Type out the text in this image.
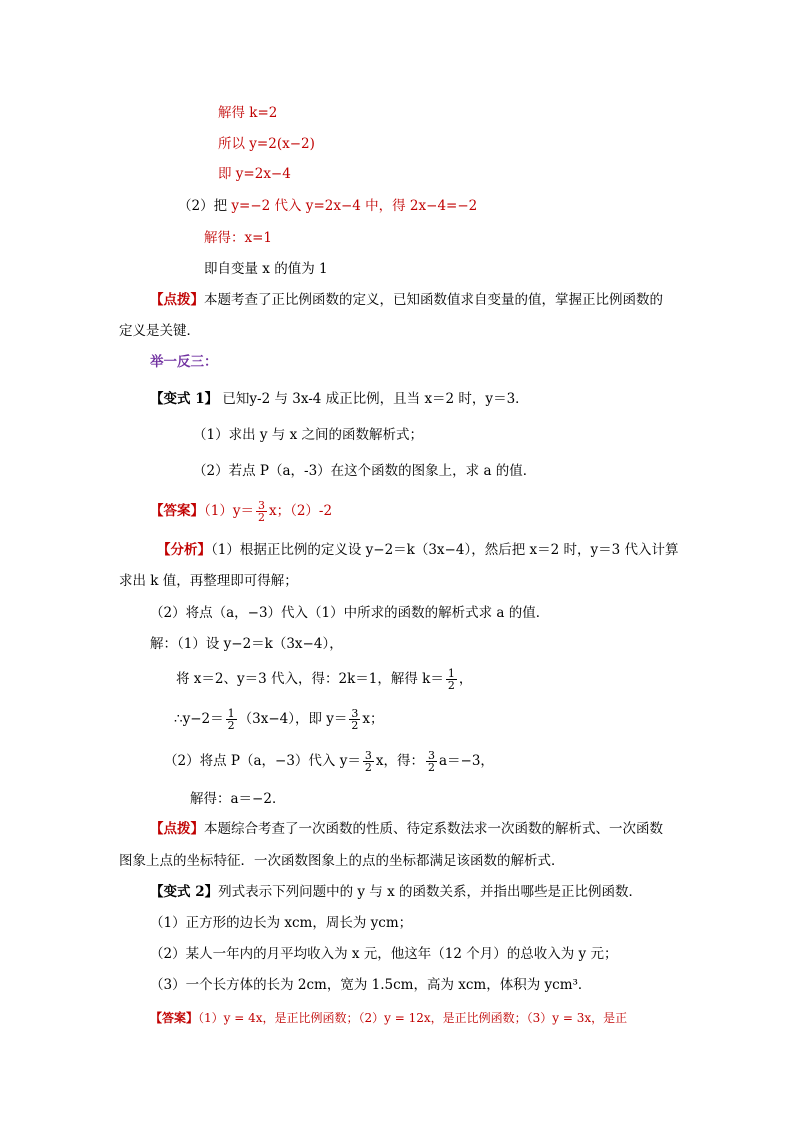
解得 k=2
所以 y=2(x−2)
即 y=2x−4
（2）把 y=−2 代入 y=2x−4 中，得 2x−4=−2
解得：x=1
即自变量 x 的值为 1
【点拨】本题考查了正比例函数的定义，已知函数值求自变量的值，掌握正比例函数的
定义是关键．
举一反三：
【变式 1】 已知y-2 与 3x-4 成正比例，且当 x＝2 时，y＝3．
（1）求出 y 与 x 之间的函数解析式；
（2）若点 P（a，-3）在这个函数的图象上，求 a 的值．
【答案】$(1)y= \frac{3}{2}$ x；（2）-2
【分析】（1）根据正比例的定义设 y−2＝k（3x−4），然后把 x＝2 时，y＝3 代入计算
求出 k 值，再整理即可得解；
（2）将点（a，−3）代入（1）中所求的函数的解析式求 a 的值．
解：（1）设 y−2＝k（3x−4），
将 x＝2、y＝3 代入，得：2k＝1，解得 $k= \frac{1}{2}$ ，
∴y−2＝ $\frac{1}{2} (3x-4)$，即 $y= \frac{3}{2}$ x；
（2）将点 P（a，−3）代入 $y= \frac{3}{2}$ x，得： $\frac{3}{2} a=-3$，
解得：a＝−2．
【点拨】本题综合考查了一次函数的性质、待定系数法求一次函数的解析式、一次函数
图象上点的坐标特征．一次函数图象上的点的坐标都满足该函数的解析式．
【变式 2】列式表示下列问题中的 y 与 x 的函数关系，并指出哪些是正比例函数．
（1）正方形的边长为 xcm，周长为 ycm；
（2）某人一年内的月平均收入为 x 元，他这年（12 个月）的总收入为 y 元；
（3）一个长方体的长为 2cm，宽为 1.5cm，高为 xcm，体积为 ycm³．
【答案】（1）y = 4x，是正比例函数；（2）y = 12x，是正比例函数；（3）y = 3x，是正
